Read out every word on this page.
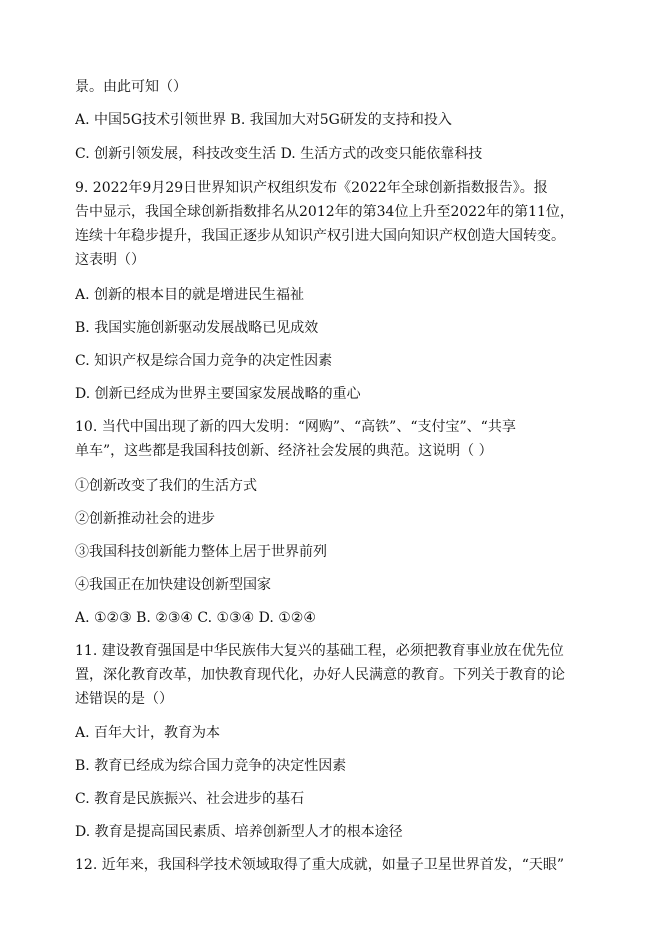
景。由此可知（）
A. 中国5G技术引领世界 B. 我国加大对5G研发的支持和投入
C. 创新引领发展，科技改变生活 D. 生活方式的改变只能依靠科技
9. 2022年9月29日世界知识产权组织发布《2022年全球创新指数报告》。报
告中显示，我国全球创新指数排名从2012年的第34位上升至2022年的第11位，
连续十年稳步提升，我国正逐步从知识产权引进大国向知识产权创造大国转变。
这表明（）
A. 创新的根本目的就是增进民生福祉
B. 我国实施创新驱动发展战略已见成效
C. 知识产权是综合国力竞争的决定性因素
D. 创新已经成为世界主要国家发展战略的重心
10. 当代中国出现了新的四大发明：“网购”、“高铁”、“支付宝”、“共享
单车”，这些都是我国科技创新、经济社会发展的典范。这说明（ ）
①创新改变了我们的生活方式
②创新推动社会的进步
③我国科技创新能力整体上居于世界前列
④我国正在加快建设创新型国家
A. ①②③ B. ②③④ C. ①③④ D. ①②④
11. 建设教育强国是中华民族伟大复兴的基础工程，必须把教育事业放在优先位
置，深化教育改革，加快教育现代化，办好人民满意的教育。下列关于教育的论
述错误的是（）
A. 百年大计，教育为本
B. 教育已经成为综合国力竞争的决定性因素
C. 教育是民族振兴、社会进步的基石
D. 教育是提高国民素质、培养创新型人才的根本途径
12. 近年来，我国科学技术领域取得了重大成就，如量子卫星世界首发，“天眼”
